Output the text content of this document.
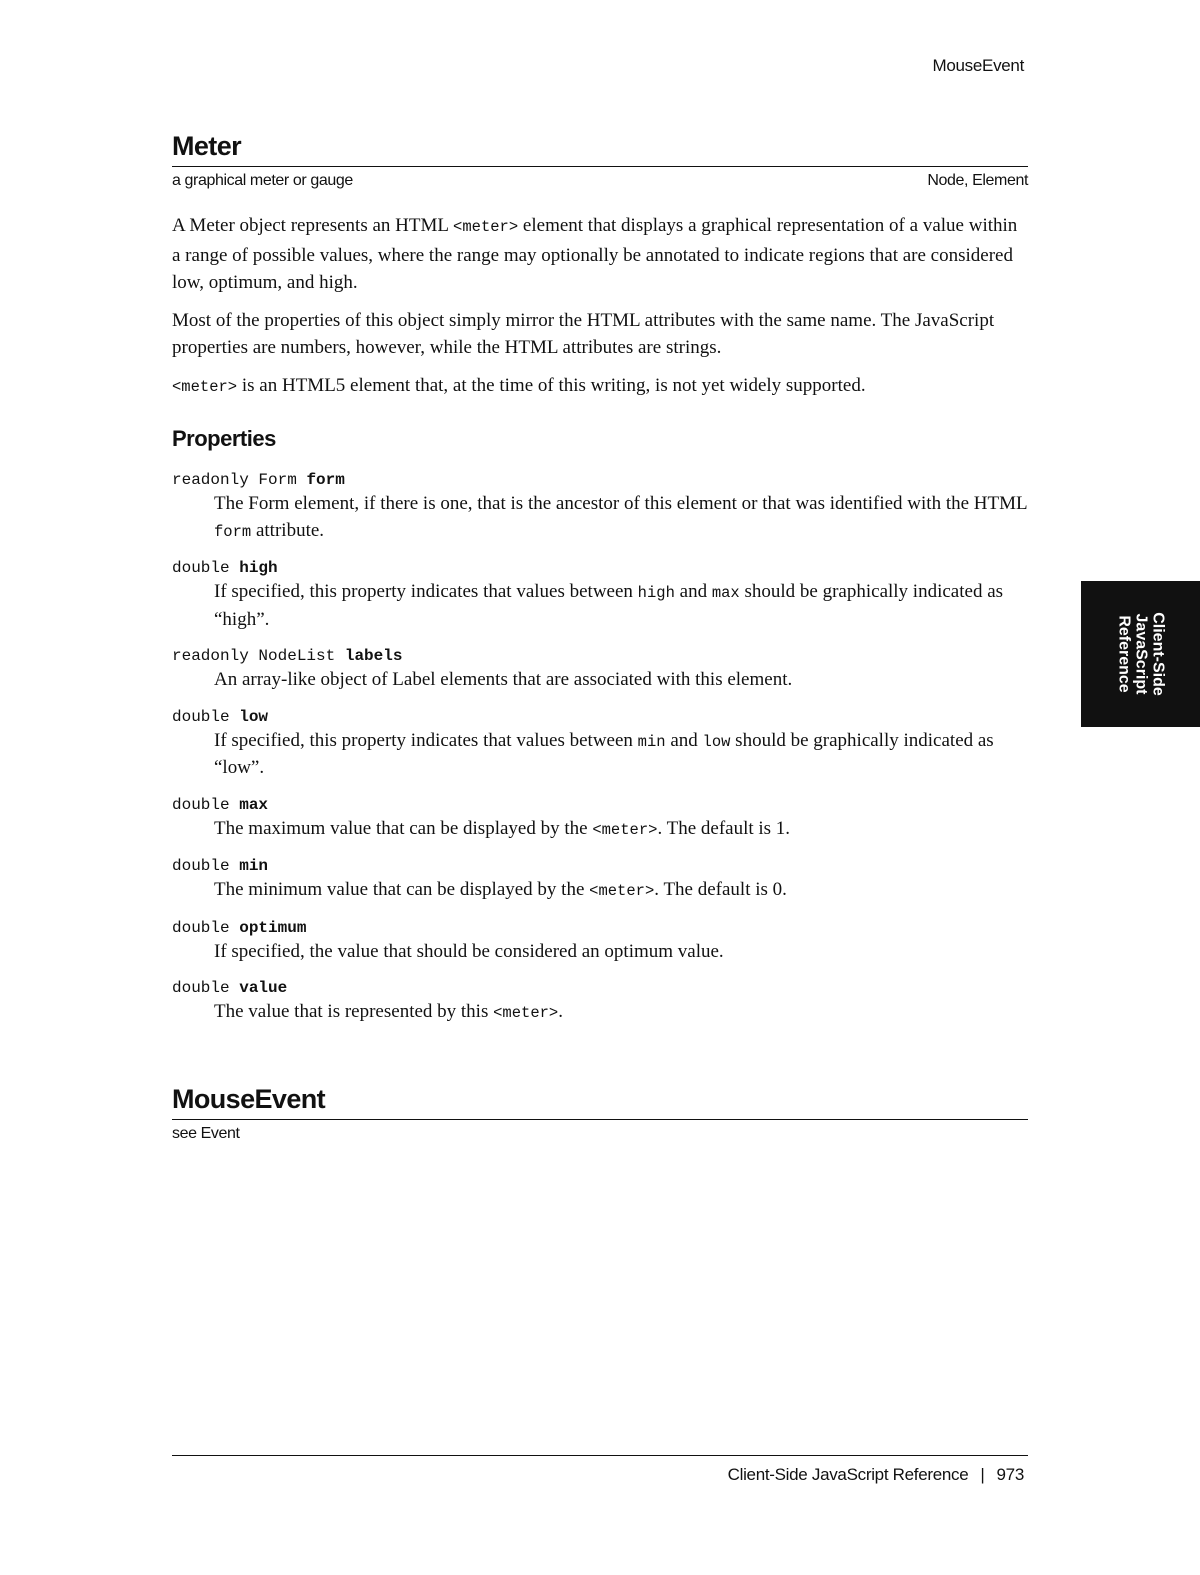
MouseEvent
Meter
a graphical meter or gauge	Node, Element

A Meter object represents an HTML <meter> element that displays a graphical representation of a value within a range of possible values, where the range may optionally be annotated to indicate regions that are considered low, optimum, and high.

Most of the properties of this object simply mirror the HTML attributes with the same name. The JavaScript properties are numbers, however, while the HTML attributes are strings.

<meter> is an HTML5 element that, at the time of this writing, is not yet widely supported.

Properties
readonly Form form
The Form element, if there is one, that is the ancestor of this element or that was identified with the HTML form attribute.
double high
If specified, this property indicates that values between high and max should be graphically indicated as “high”.
readonly NodeList labels
An array-like object of Label elements that are associated with this element.
double low
If specified, this property indicates that values between min and low should be graphically indicated as “low”.
double max
The maximum value that can be displayed by the <meter>. The default is 1.
double min
The minimum value that can be displayed by the <meter>. The default is 0.
double optimum
If specified, the value that should be considered an optimum value.
double value
The value that is represented by this <meter>.
MouseEvent
see Event
Client-Side
JavaScript
Reference
Client-Side JavaScript Reference | 973
